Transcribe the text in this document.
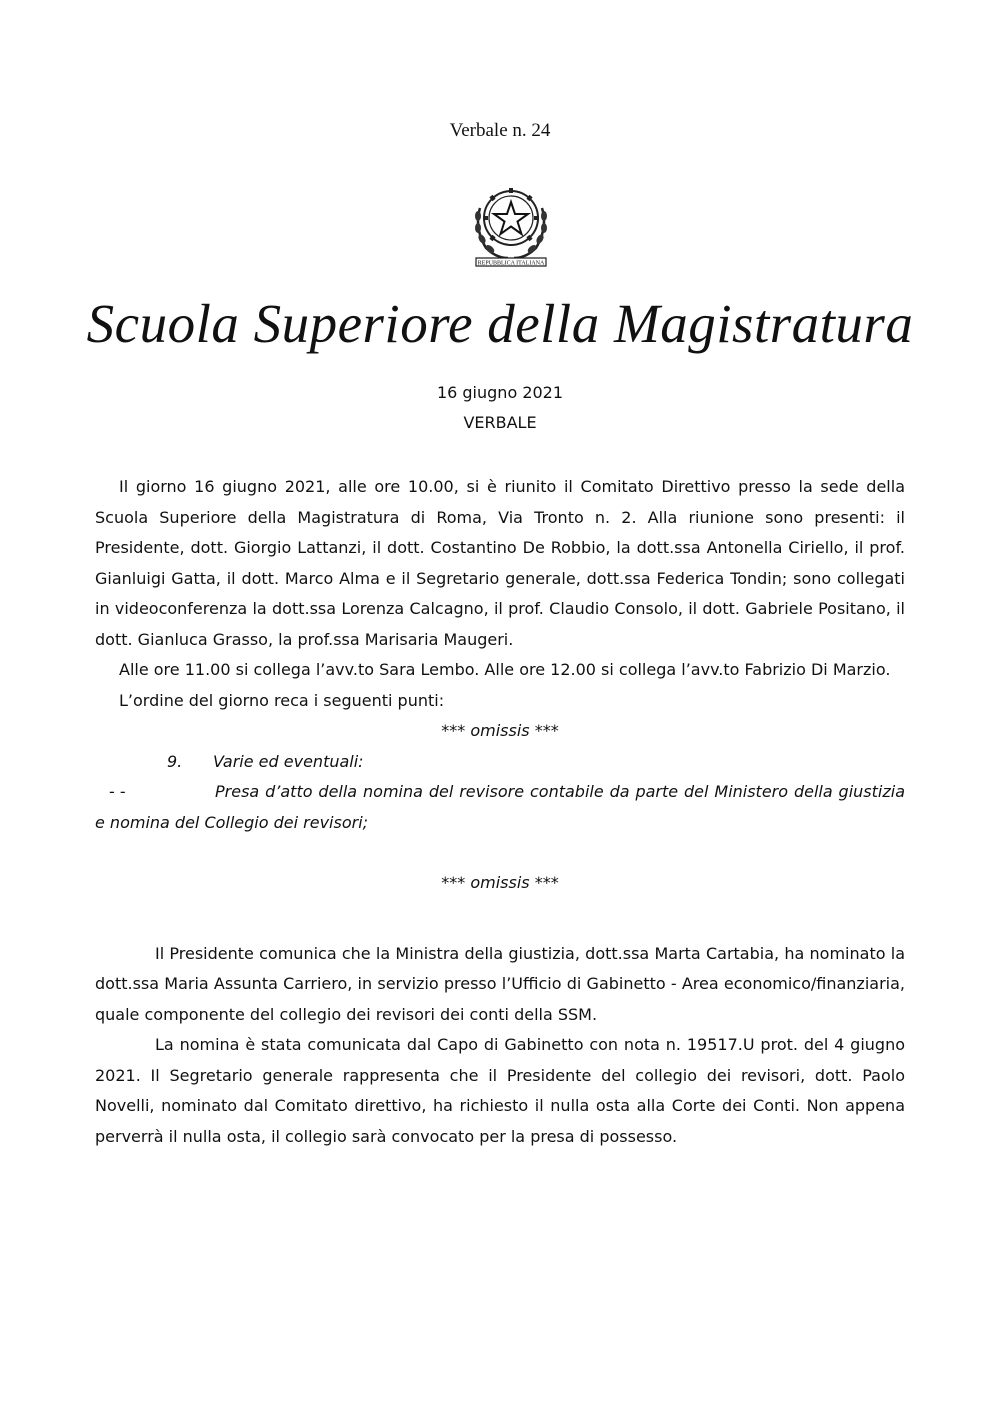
Verbale n. 24
REPUBBLICA ITALIANA
Scuola Superiore della Magistratura
16 giugno 2021
VERBALE

Il giorno 16 giugno 2021, alle ore 10.00, si è riunito il Comitato Direttivo presso la sede della Scuola Superiore della Magistratura di Roma, Via Tronto n. 2. Alla riunione sono presenti: il Presidente, dott. Giorgio Lattanzi, il dott. Costantino De Robbio, la dott.ssa Antonella Ciriello, il prof. Gianluigi Gatta, il dott. Marco Alma e il Segretario generale, dott.ssa Federica Tondin; sono collegati in videoconferenza la dott.ssa Lorenza Calcagno, il prof. Claudio Consolo, il dott. Gabriele Positano, il dott. Gianluca Grasso, la prof.ssa Marisaria Maugeri.

Alle ore 11.00 si collega l’avv.to Sara Lembo. Alle ore 12.00 si collega l’avv.to Fabrizio Di Marzio.

L’ordine del giorno reca i seguenti punti:

*** omissis ***

9.	Varie ed eventuali:

- -	Presa d’atto della nomina del revisore contabile da parte del Ministero della giustizia e nomina del Collegio dei revisori;

*** omissis ***

Il Presidente comunica che la Ministra della giustizia, dott.ssa Marta Cartabia, ha nominato la dott.ssa Maria Assunta Carriero, in servizio presso l’Ufficio di Gabinetto - Area economico/finanziaria, quale componente del collegio dei revisori dei conti della SSM.

La nomina è stata comunicata dal Capo di Gabinetto con nota n. 19517.U prot. del 4 giugno 2021. Il Segretario generale rappresenta che il Presidente del collegio dei revisori, dott. Paolo Novelli, nominato dal Comitato direttivo, ha richiesto il nulla osta alla Corte dei Conti. Non appena perverrà il nulla osta, il collegio sarà convocato per la presa di possesso.
